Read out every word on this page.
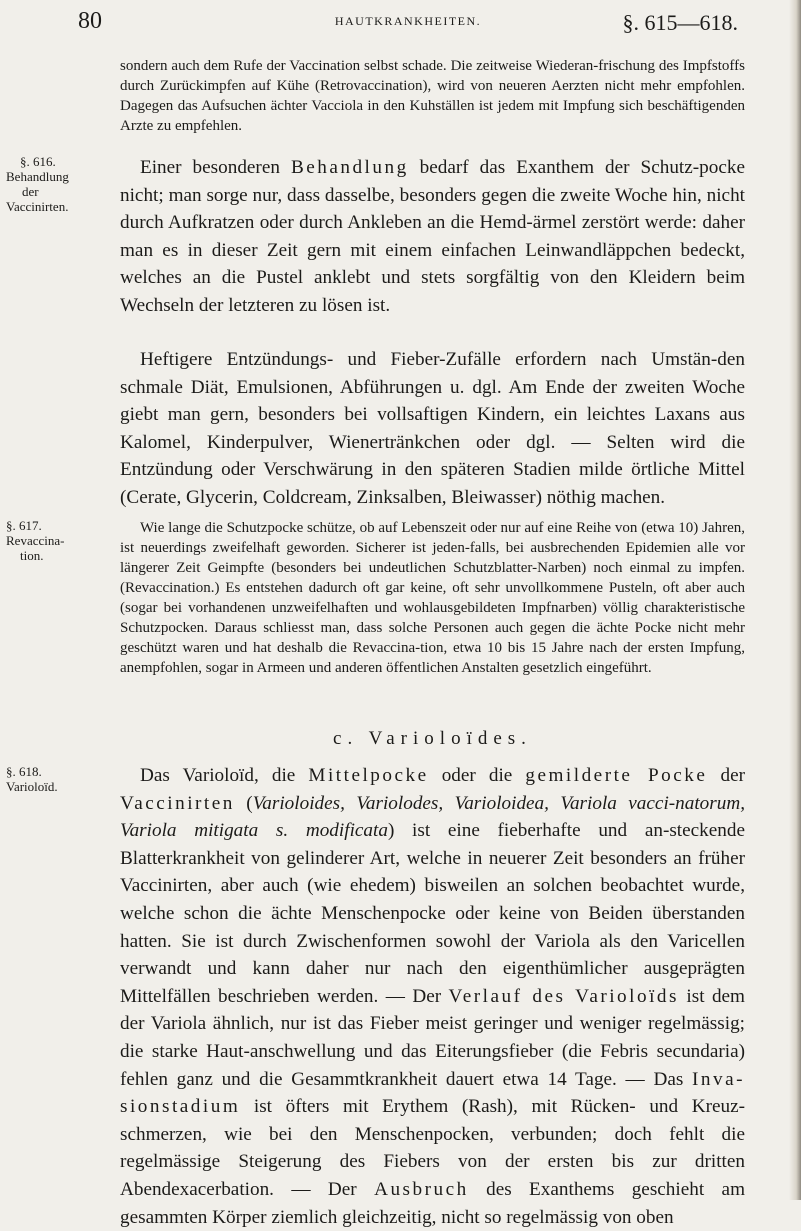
80	HAUTKRANKHEITEN.	§. 615—618.

sondern auch dem Rufe der Vaccination selbst schade. Die zeitweise Wiederan-frischung des Impfstoffs durch Zurückimpfen auf Kühe (Retrovaccination), wird von neueren Aerzten nicht mehr empfohlen. Dagegen das Aufsuchen ächter Vacciola in den Kuhställen ist jedem mit Impfung sich beschäftigenden Arzte zu empfehlen.

§. 616.
Behandlung
der
Vaccinirten.

Einer besonderen Behandlung bedarf das Exanthem der Schutz-pocke nicht; man sorge nur, dass dasselbe, besonders gegen die zweite Woche hin, nicht durch Aufkratzen oder durch Ankleben an die Hemd-ärmel zerstört werde: daher man es in dieser Zeit gern mit einem einfachen Leinwandläppchen bedeckt, welches an die Pustel anklebt und stets sorgfältig von den Kleidern beim Wechseln der letzteren zu lösen ist.

Heftigere Entzündungs- und Fieber-Zufälle erfordern nach Umstän-den schmale Diät, Emulsionen, Abführungen u. dgl. Am Ende der zweiten Woche giebt man gern, besonders bei vollsaftigen Kindern, ein leichtes Laxans aus Kalomel, Kinderpulver, Wienertränkchen oder dgl. — Selten wird die Entzündung oder Verschwärung in den späteren Stadien milde örtliche Mittel (Cerate, Glycerin, Coldcream, Zinksalben, Bleiwasser) nöthig machen.

§. 617.
Revaccina-
tion.

Wie lange die Schutzpocke schütze, ob auf Lebenszeit oder nur auf eine Reihe von (etwa 10) Jahren, ist neuerdings zweifelhaft geworden. Sicherer ist jeden-falls, bei ausbrechenden Epidemien alle vor längerer Zeit Geimpfte (besonders bei undeutlichen Schutzblatter-Narben) noch einmal zu impfen. (Revaccination.) Es entstehen dadurch oft gar keine, oft sehr unvollkommene Pusteln, oft aber auch (sogar bei vorhandenen unzweifelhaften und wohlausgebildeten Impfnarben) völlig charakteristische Schutzpocken. Daraus schliesst man, dass solche Personen auch gegen die ächte Pocke nicht mehr geschützt waren und hat deshalb die Revaccina-tion, etwa 10 bis 15 Jahre nach der ersten Impfung, anempfohlen, sogar in Armeen und anderen öffentlichen Anstalten gesetzlich eingeführt.

c. Varioloïdes.
§. 618.
Varioloïd.

Das Varioloïd, die Mittelpocke oder die gemilderte Pocke der Vaccinirten (Varioloides, Variolodes, Varioloidea, Variola vacci-natorum, Variola mitigata s. modificata) ist eine fieberhafte und an-steckende Blatterkrankheit von gelinderer Art, welche in neuerer Zeit besonders an früher Vaccinirten, aber auch (wie ehedem) bisweilen an solchen beobachtet wurde, welche schon die ächte Menschenpocke oder keine von Beiden überstanden hatten. Sie ist durch Zwischenformen sowohl der Variola als den Varicellen verwandt und kann daher nur nach den eigenthümlicher ausgeprägten Mittelfällen beschrieben werden. — Der Verlauf des Varioloïds ist dem der Variola ähnlich, nur ist das Fieber meist geringer und weniger regelmässig; die starke Haut-anschwellung und das Eiterungsfieber (die Febris secundaria) fehlen ganz und die Gesammtkrankheit dauert etwa 14 Tage. — Das Inva-sionstadium ist öfters mit Erythem (Rash), mit Rücken- und Kreuz-schmerzen, wie bei den Menschenpocken, verbunden; doch fehlt die regelmässige Steigerung des Fiebers von der ersten bis zur dritten Abendexacerbation. — Der Ausbruch des Exanthems geschieht am gesammten Körper ziemlich gleichzeitig, nicht so regelmässig von oben
